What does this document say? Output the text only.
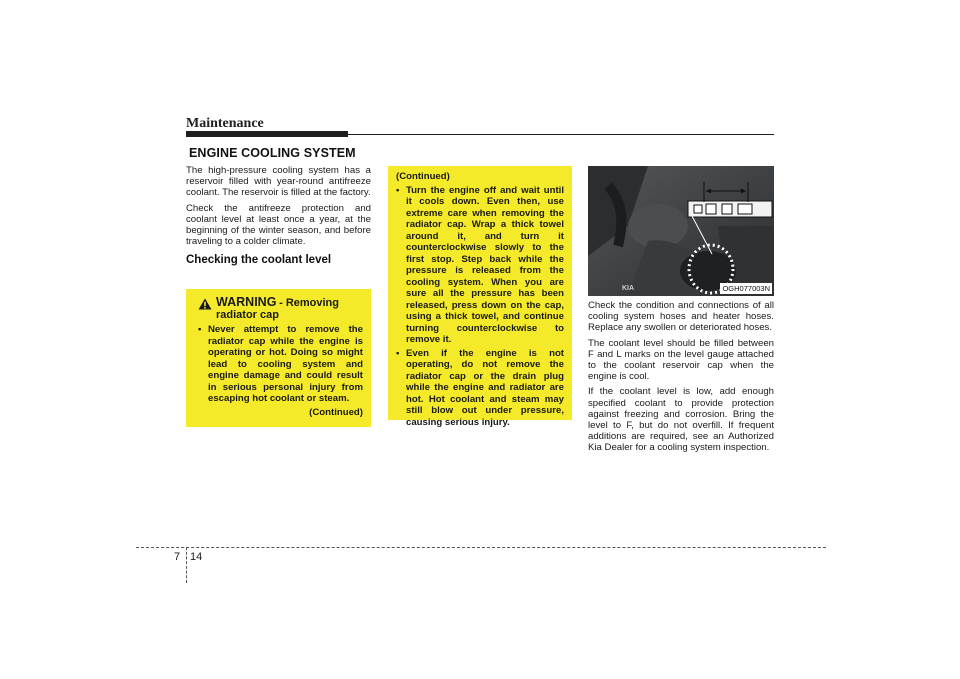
Maintenance
ENGINE COOLING SYSTEM

The high-pressure cooling system has a reservoir filled with year-round antifreeze coolant. The reservoir is filled at the factory.

Check the antifreeze protection and coolant level at least once a year, at the beginning of the winter season, and before traveling to a colder climate.

Checking the coolant level
WARNING - Removing radiator cap
• Never attempt to remove the radiator cap while the engine is operating or hot. Doing so might lead to cooling system and engine damage and could result in serious personal injury from escaping hot coolant or steam.
(Continued)
(Continued)
• Turn the engine off and wait until it cools down. Even then, use extreme care when removing the radiator cap. Wrap a thick towel around it, and turn it counterclockwise slowly to the first stop. Step back while the pressure is released from the cooling system. When you are sure all the pressure has been released, press down on the cap, using a thick towel, and continue turning counterclockwise to remove it.
• Even if the engine is not operating, do not remove the radiator cap or the drain plug while the engine and radiator are hot. Hot coolant and steam may still blow out under pressure, causing serious injury.
KIA	OGH077003N

Check the condition and connections of all cooling system hoses and heater hoses. Replace any swollen or deteriorated hoses.

The coolant level should be filled between F and L marks on the level gauge attached to the coolant reservoir cap when the engine is cool.

If the coolant level is low, add enough specified coolant to provide protection against freezing and corrosion. Bring the level to F, but do not overfill. If frequent additions are required, see an Authorized Kia Dealer for a cooling system inspection.

7 14
